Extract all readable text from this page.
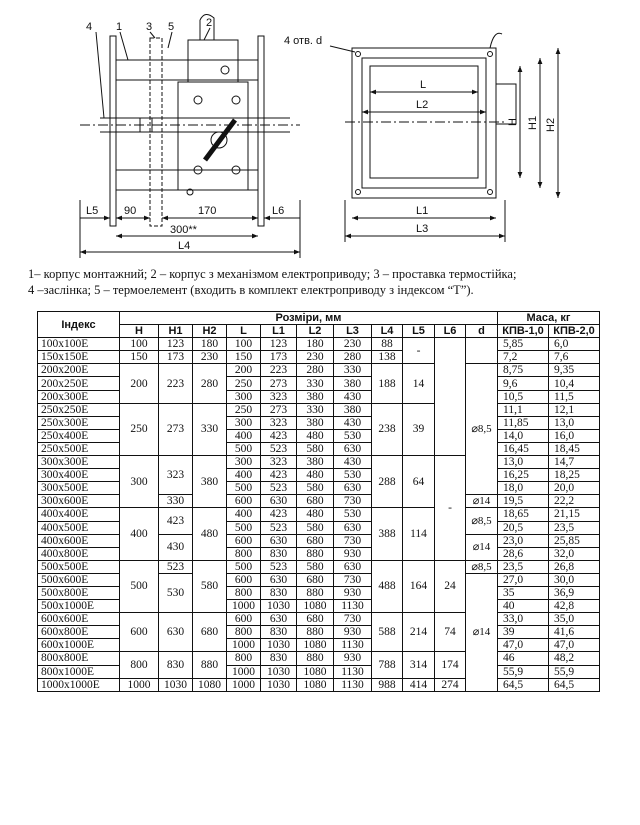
4 1 3 5	2
L5 90	170	L6
300**
L4
4 отв. d
L
L2
L1
L3
H H1 H2
1– корпус монтажний; 2 – корпус з механізмом електроприводу; 3 – проставка термостійка;
4 –заслінка; 5 – термоелемент (входить в комплект електроприводу з індексом “Т”).
Індекс	Розміри, мм											Маса, кг	
	H	H1	H2	L	L1	L2	L3	L4	L5	L6	d	КПВ-1,0	КПВ-2,0
100x100E	100	123	180	100	123	180	230	88	-			5,85	6,0
150x150E	150	173	230	150	173	230	280	138				7,2	7,6
200x200E	200	223	280	200	223	280	330	188	14		⌀8,5	8,75	9,35
200x250E				250	273	330	380					9,6	10,4
200x300E				300	323	380	430					10,5	11,5
250x250E	250	273	330	250	273	330	380	238	39			11,1	12,1
250x300E				300	323	380	430					11,85	13,0
250x400E				400	423	480	530					14,0	16,0
250x500E				500	523	580	630					16,45	18,45
300x300E	300	323	380	300	323	380	430	288	64	-		13,0	14,7
300x400E				400	423	480	530					16,25	18,25
300x500E				500	523	580	630					18,0	20,0
300x600E		330		600	630	680	730				⌀14	19,5	22,2
400x400E	400	423	480	400	423	480	530	388	114		⌀8,5	18,65	21,15
400x500E				500	523	580	630					20,5	23,5
400x600E		430		600	630	680	730				⌀14	23,0	25,85
400x800E				800	830	880	930					28,6	32,0
500x500E	500	523	580	500	523	580	630	488	164	24	⌀8,5	23,5	26,8
500x600E		530		600	630	680	730				⌀14	27,0	30,0
500x800E				800	830	880	930					35	36,9
500x1000E				1000	1030	1080	1130					40	42,8
600x600E	600	630	680	600	630	680	730	588	214	74		33,0	35,0
600x800E				800	830	880	930					39	41,6
600x1000E				1000	1030	1080	1130					47,0	47,0
800x800E	800	830	880	800	830	880	930	788	314	174		46	48,2
800x1000E				1000	1030	1080	1130					55,9	55,9
1000x1000E	1000	1030	1080	1000	1030	1080	1130	988	414	274		64,5	64,5
